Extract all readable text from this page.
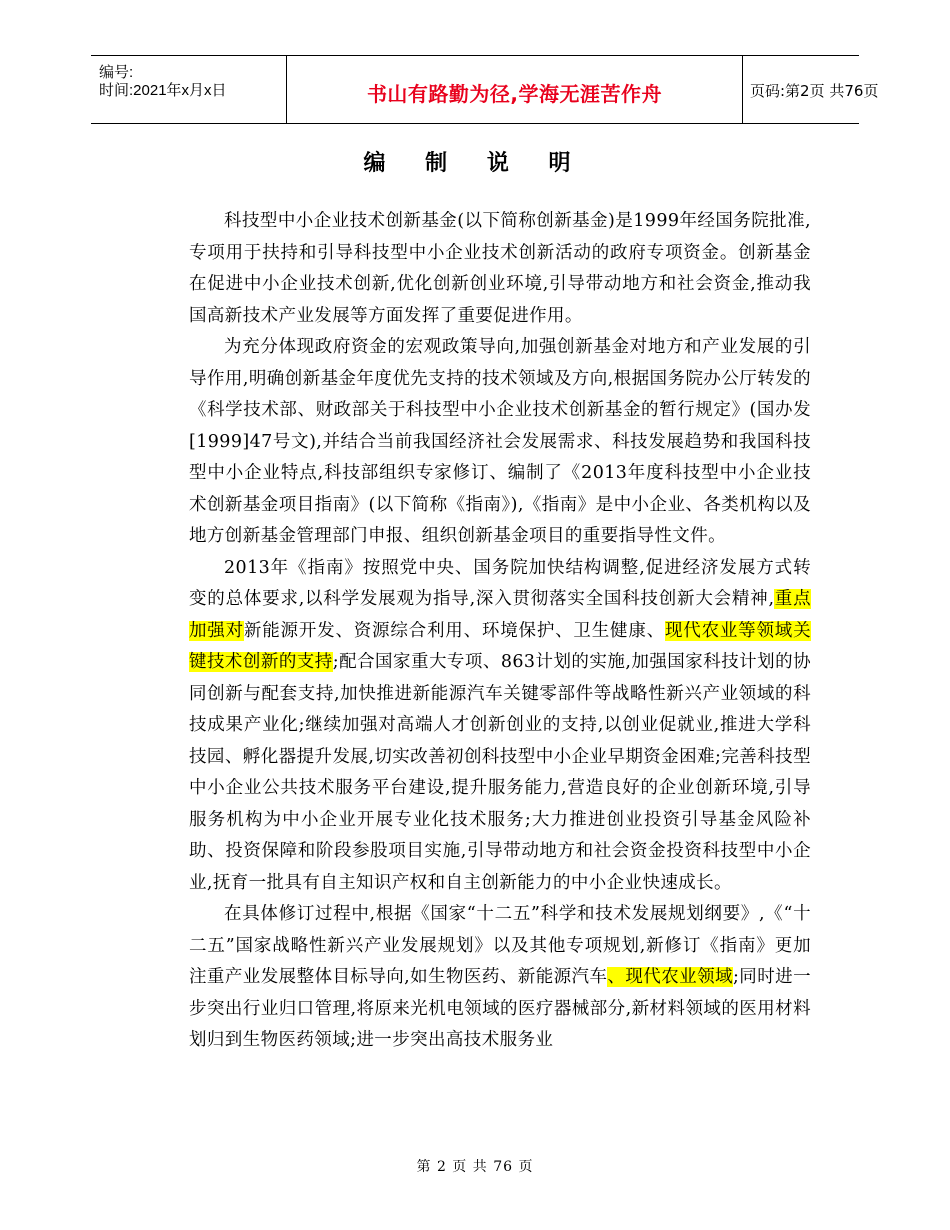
编号:
时间:2021年x月x日	书山有路勤为径,学海无涯苦作舟	页码:第2页 共76页
编 制 说 明

科技型中小企业技术创新基金(以下简称创新基金)是1999年经国务院批准,专项用于扶持和引导科技型中小企业技术创新活动的政府专项资金。创新基金在促进中小企业技术创新,优化创新创业环境,引导带动地方和社会资金,推动我国高新技术产业发展等方面发挥了重要促进作用。

为充分体现政府资金的宏观政策导向,加强创新基金对地方和产业发展的引导作用,明确创新基金年度优先支持的技术领域及方向,根据国务院办公厅转发的《科学技术部、财政部关于科技型中小企业技术创新基金的暂行规定》(国办发[1999]47号文),并结合当前我国经济社会发展需求、科技发展趋势和我国科技型中小企业特点,科技部组织专家修订、编制了《2013年度科技型中小企业技术创新基金项目指南》(以下简称《指南》),《指南》是中小企业、各类机构以及地方创新基金管理部门申报、组织创新基金项目的重要指导性文件。

2013年《指南》按照党中央、国务院加快结构调整,促进经济发展方式转变的总体要求,以科学发展观为指导,深入贯彻落实全国科技创新大会精神,重点加强对新能源开发、资源综合利用、环境保护、卫生健康、现代农业等领域关键技术创新的支持;配合国家重大专项、863计划的实施,加强国家科技计划的协同创新与配套支持,加快推进新能源汽车关键零部件等战略性新兴产业领域的科技成果产业化;继续加强对高端人才创新创业的支持,以创业促就业,推进大学科技园、孵化器提升发展,切实改善初创科技型中小企业早期资金困难;完善科技型中小企业公共技术服务平台建设,提升服务能力,营造良好的企业创新环境,引导服务机构为中小企业开展专业化技术服务;大力推进创业投资引导基金风险补助、投资保障和阶段参股项目实施,引导带动地方和社会资金投资科技型中小企业,抚育一批具有自主知识产权和自主创新能力的中小企业快速成长。

在具体修订过程中,根据《国家“十二五”科学和技术发展规划纲要》,《“十二五”国家战略性新兴产业发展规划》以及其他专项规划,新修订《指南》更加注重产业发展整体目标导向,如生物医药、新能源汽车、现代农业领域;同时进一步突出行业归口管理,将原来光机电领域的医疗器械部分,新材料领域的医用材料划归到生物医药领域;进一步突出高技术服务业

第 2 页 共 76 页
